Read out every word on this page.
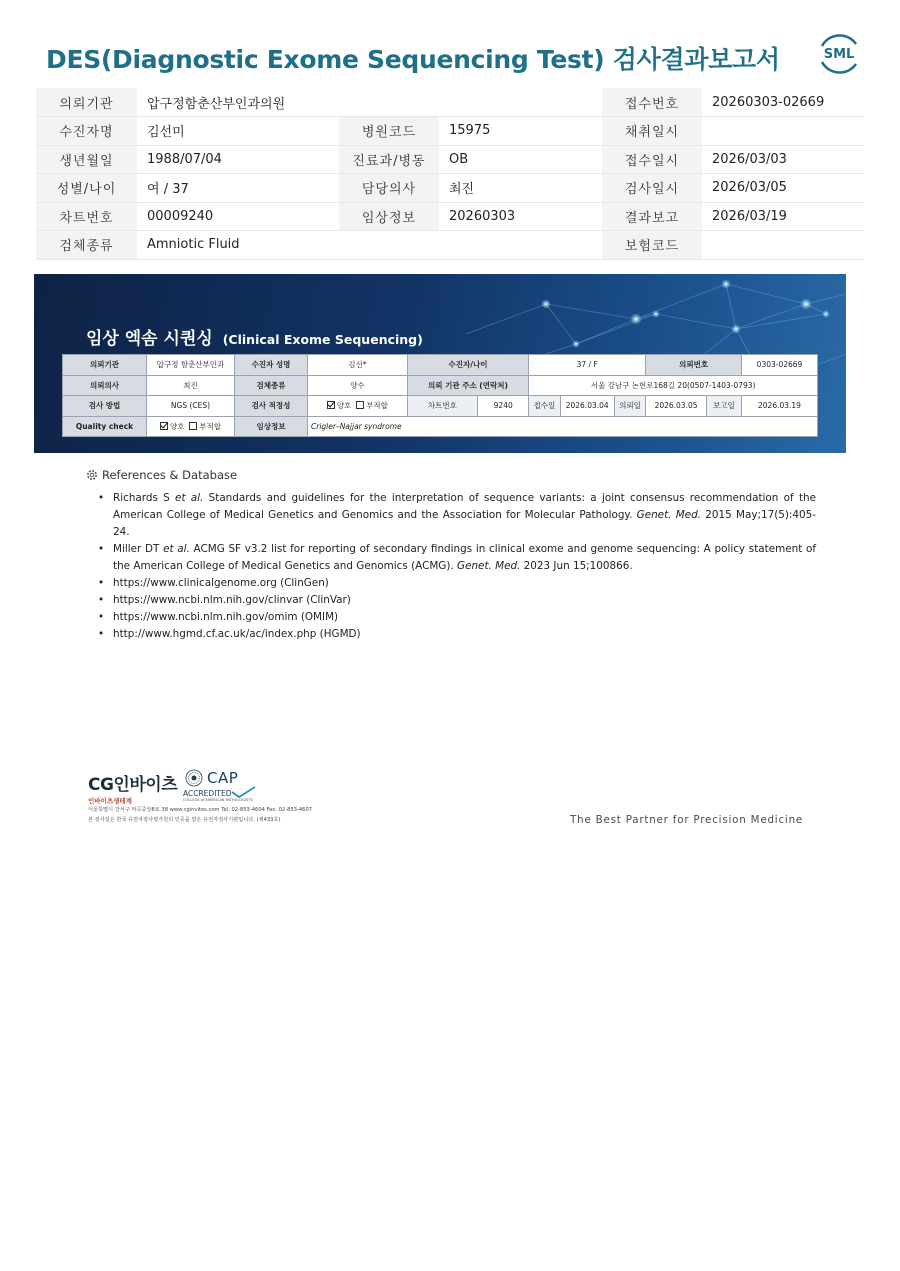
DES(Diagnostic Exome Sequencing Test) 검사결과보고서	SML
의뢰기관	압구정함춘산부인과의원			접수번호	20260303-02669
수진자명	김선미	병원코드	15975	채취일시	
생년월일	1988/07/04	진료과/병동	OB	접수일시	2026/03/03
성별/나이	여 / 37	담당의사	최진	검사일시	2026/03/05
차트번호	00009240	임상정보	20260303	결과보고	2026/03/19
검체종류	Amniotic Fluid			보험코드	
임상 엑솜 시퀀싱 (Clinical Exome Sequencing)
의뢰기관	압구정 함춘산부인과	수진자 성명	김선*	수진자/나이		37 / F			의뢰번호		0303-02669
의뢰의사	최진	검체종류	양수	의뢰 기관 주소 (연락처)		서울 강남구 논현로168길 20(0507-1403-0793)					
검사 방법	NGS (CES)	검사 적정성	양호 부적합	차트번호	9240	접수일	2026.03.04	의뢰일	2026.03.05	보고일	2026.03.19
Quality check	양호 부적합	임상정보	Crigler–Najjar syndrome								
References & Database
• Richards S et al. Standards and guidelines for the interpretation of sequence variants: a joint consensus recommendation of the American College of Medical Genetics and Genomics and the Association for Molecular Pathology. Genet. Med. 2015 May;17(5):405-24.
• Miller DT et al. ACMG SF v3.2 list for reporting of secondary findings in clinical exome and genome sequencing: A policy statement of the American College of Medical Genetics and Genomics (ACMG). Genet. Med. 2023 Jun 15;100866.
• https://www.clinicalgenome.org (ClinGen)
• https://www.ncbi.nlm.nih.gov/clinvar (ClinVar)
• https://www.ncbi.nlm.nih.gov/omim (OMIM)
• http://www.hgmd.cf.ac.uk/ac/index.php (HGMD)
CG인바이츠
인바이츠생태계
CAP
ACCREDITED
COLLEGE of AMERICAN PATHOLOGISTS
서울특별시 강서구 마곡중앙8로 38 www.cginvites.com Tel. 02-853-4604 Fax. 02-853-4607
본 검사실은 한국 유전자검사평가원의 인증을 받은 유전자검사기관입니다. (제433호)	The Best Partner for Precision Medicine
